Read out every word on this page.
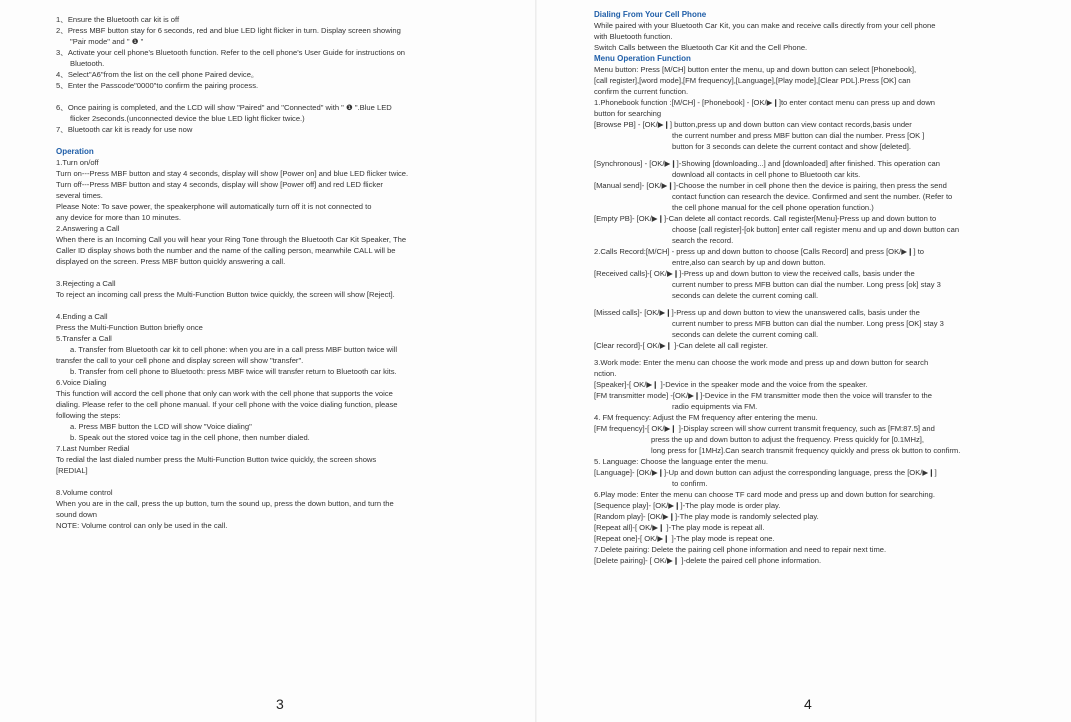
1、Ensure the Bluetooth car kit is off

2、Press MBF button stay for 6 seconds, red and blue LED light flicker in turn. Display screen showing

"Pair mode" and " ❶ "

3、Activate your cell phone's Bluetooth function. Refer to the cell phone's User Guide for instructions on

Bluetooth.

4、Select"A6"from the list on the cell phone Paired device。

5、Enter the Passcode"0000"to confirm the pairing process.

6、Once pairing is completed, and the LCD will show "Paired" and "Connected" with " ❶ ".Blue LED

flicker 2seconds.(unconnected device the blue LED light flicker twice.)

7、Bluetooth car kit is ready for use now

Operation

1.Turn on/off

Turn on---Press MBF button and stay 4 seconds, display will show [Power on] and blue LED flicker twice.

Turn off---Press MBF button and stay 4 seconds, display will show [Power off] and red LED flicker

several times.

Please Note: To save power, the speakerphone will automatically turn off it is not connected to

any device for more than 10 minutes.

2.Answering a Call

When there is an Incoming Call you will hear your Ring Tone through the Bluetooth Car Kit Speaker, The

Caller ID display shows both the number and the name of the calling person, meanwhile CALL will be

displayed on the screen. Press MBF button quickly answering a call.

3.Rejecting a Call

To reject an incoming call press the Multi-Function Button twice quickly, the screen will show [Reject].

4.Ending a Call

Press the Multi-Function Button briefly once

5.Transfer a Call

a. Transfer from Bluetooth car kit to cell phone: when you are in a call press MBF button twice will

transfer the call to your cell phone and display screen will show "transfer".

b. Transfer from cell phone to Bluetooth: press MBF twice will transfer return to Bluetooth car kits.

6.Voice Dialing

This function will accord the cell phone that only can work with the cell phone that supports the voice

dialing. Please refer to the cell phone manual. If your cell phone with the voice dialing function, please

following the steps:

a. Press MBF button the LCD will show "Voice dialing"

b. Speak out the stored voice tag in the cell phone, then number dialed.

7.Last Number Redial

To redial the last dialed number press the Multi-Function Button twice quickly, the screen shows

[REDIAL]

8.Volume control

When you are in the call, press the up button, turn the sound up, press the down button, and turn the

sound down

NOTE: Volume control can only be used in the call.

3

Dialing From Your Cell Phone

While paired with your Bluetooth Car Kit, you can make and receive calls directly from your cell phone

with Bluetooth function.

Switch Calls between the Bluetooth Car Kit and the Cell Phone.

Menu Operation Function

Menu button: Press [M/CH] button enter the menu, up and down button can select [Phonebook],

[call register],[word mode],[FM frequency],[Language],[Play mode],[Clear PDL].Press [OK] can

confirm the current function.

1.Phonebook function :[M/CH] - [Phonebook] - [OK/▶❙]to enter contact menu can press up and down

button for searching

[Browse PB] - [OK/▶❙] button,press up and down button can view contact records,basis under

the current number and press MBF button can dial the number. Press [OK ]

button for 3 seconds can delete the current contact and show [deleted].

[Synchronous] - [OK/▶❙]-Showing [downloading...] and [downloaded] after finished. This operation can

download all contacts in cell phone to Bluetooth car kits.

[Manual send]- [OK/▶❙]-Choose the number in cell phone then the device is pairing, then press the send

contact function can research the device. Confirmed and sent the number. (Refer to

the cell phone manual for the cell phone operation function.)

[Empty PB]- [OK/▶❙]-Can delete all contact records. Call register[Menu]-Press up and down button to

choose [call register]-[ok button] enter call register menu and up and down button can

search the record.

2.Calls Record:[M/CH] - press up and down button to choose [Calls Record] and press [OK/▶❙] to

entre,also can search by up and down button.

[Received calls]-[ OK/▶❙]-Press up and down button to view the received calls, basis under the

current number to press MFB button can dial the number. Long press [ok] stay 3

seconds can delete the current coming call.

[Missed calls]- [OK/▶❙]-Press up and down button to view the unanswered calls, basis under the

current number to press MFB button can dial the number. Long press [OK] stay 3

seconds can delete the current coming call.

[Clear record]-[ OK/▶❙ ]-Can delete all call register.

3.Work mode: Enter the menu can choose the work mode and press up and down button for search

nction.

[Speaker]-[ OK/▶❙ ]-Device in the speaker mode and the voice from the speaker.

[FM transmitter mode] -[OK/▶❙]-Device in the FM transmitter mode then the voice will transfer to the

radio equipments via FM.

4. FM frequency: Adjust the FM frequency after entering the menu.

[FM frequency]-[ OK/▶❙ ]-Display screen will show current transmit frequency, such as [FM:87.5] and

press the up and down button to adjust the frequency. Press quickly for [0.1MHz],

long press for [1MHz].Can search transmit frequency quickly and press ok button to confirm.

5. Language: Choose the language enter the menu.

[Language]- [OK/▶❙]-Up and down button can adjust the corresponding language, press the [OK/▶❙]

to confirm.

6.Play mode: Enter the menu can choose TF card mode and press up and down button for searching.

[Sequence play]- [OK/▶❙]-The play mode is order play.

[Random play]- [OK/▶❙]-The play mode is randomly selected play.

[Repeat all]-[ OK/▶❙ ]-The play mode is repeat all.

[Repeat one]-[ OK/▶❙ ]-The play mode is repeat one.

7.Delete pairing: Delete the pairing cell phone information and need to repair next time.

[Delete pairing]- [ OK/▶❙ ]-delete the paired cell phone information.

4
